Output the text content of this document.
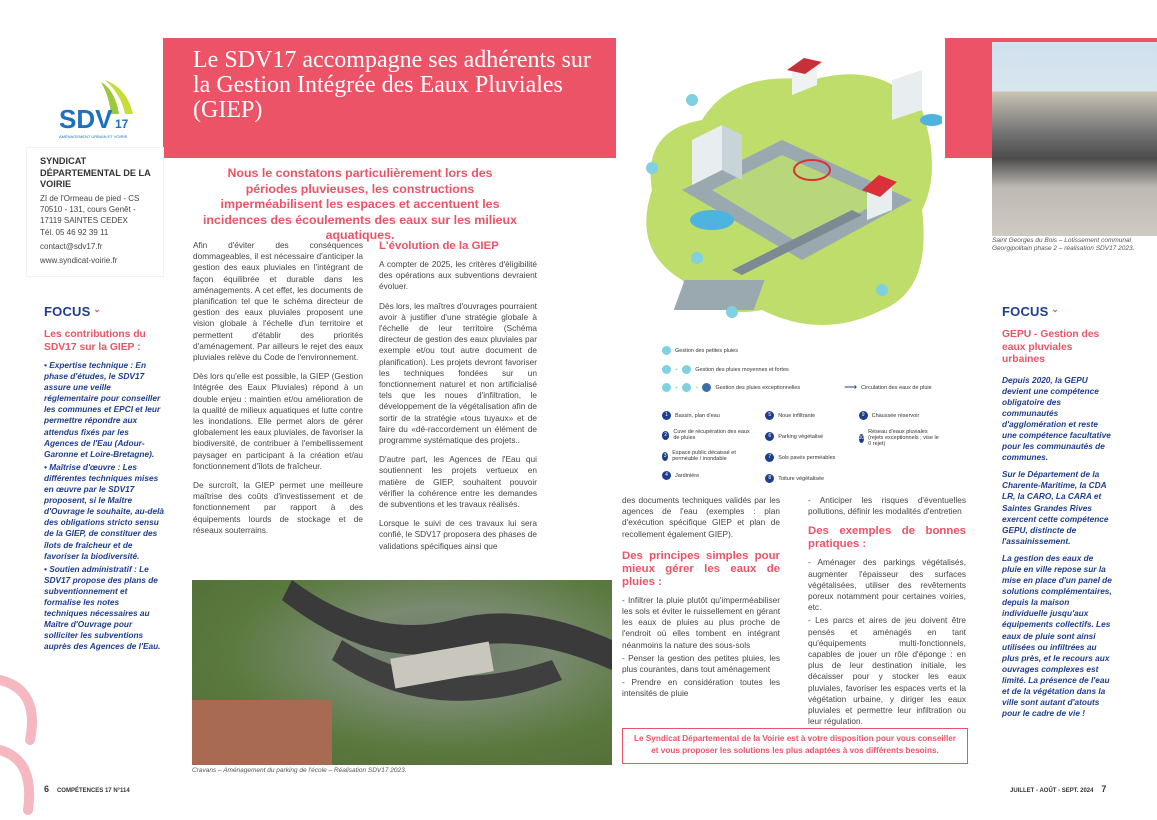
SDV 17
AMÉNAGEMENT URBAIN ET VOIRIE
SYNDICAT DÉPARTEMENTAL DE LA VOIRIE
ZI de l'Ormeau de pied - CS 70510 - 131, cours Genêt - 17119 SAINTES CEDEX
Tél. 05 46 92 39 11
contact@sdv17.fr
www.syndicat-voirie.fr
Le SDV17 accompagne ses adhérents sur la Gestion Intégrée des Eaux Pluviales (GIEP)
Nous le constatons particulièrement lors des périodes pluvieuses, les constructions imperméabilisent les espaces et accentuent les incidences des écoulements des eaux sur les milieux aquatiques.
FOCUS ⌄
Les contributions du SDV17 sur la GIEP :
• Expertise technique : En phase d'études, le SDV17 assure une veille réglementaire pour conseiller les communes et EPCI et leur permettre répondre aux attendus fixés par les Agences de l'Eau (Adour-Garonne et Loire-Bretagne).
• Maîtrise d'œuvre : Les différentes techniques mises en œuvre par le SDV17 proposent, si le Maître d'Ouvrage le souhaite, au-delà des obligations stricto sensu de la GIEP, de constituer des îlots de fraîcheur et de favoriser la biodiversité.
• Soutien administratif : Le SDV17 propose des plans de subventionnement et formalise les notes techniques nécessaires au Maître d'Ouvrage pour solliciter les subventions auprès des Agences de l'Eau.
Afin d'éviter des conséquences dommageables, il est nécessaire d'anticiper la gestion des eaux pluviales en l'intégrant de façon équilibrée et durable dans les aménagements. A cet effet, les documents de planification tel que le schéma directeur de gestion des eaux pluviales proposent une vision globale à l'échelle d'un territoire et permettent d'établir des priorités d'aménagement. Par ailleurs le rejet des eaux pluviales relève du Code de l'environnement.
Dès lors qu'elle est possible, la GIEP (Gestion Intégrée des Eaux Pluviales) répond à un double enjeu : maintien et/ou amélioration de la qualité de milieux aquatiques et lutte contre les inondations. Elle permet alors de gérer globalement les eaux pluviales, de favoriser la biodiversité, de contribuer à l'embellissement paysager en participant à la création et/au fonctionnement d'îlots de fraîcheur.
De surcroît, la GIEP permet une meilleure maîtrise des coûts d'investissement et de fonctionnement par rapport à des équipements lourds de stockage et de réseaux souterrains.
L'évolution de la GIEP
A compter de 2025, les critères d'éligibilité des opérations aux subventions devraient évoluer.
Dès lors, les maîtres d'ouvrages pourraient avoir à justifier d'une stratégie globale à l'échelle de leur territoire (Schéma directeur de gestion des eaux pluviales par exemple et/ou tout autre document de planification). Les projets devront favoriser les techniques fondées sur un fonctionnement naturel et non artificialisé tels que les noues d'infiltration, le développement de la végétalisation afin de sortir de la stratégie «tous tuyaux» et de faire du «dé-raccordement un élément de programme systématique des projets..
D'autre part, les Agences de l'Eau qui soutiennent les projets vertueux en matière de GIEP, souhaitent pouvoir vérifier la cohérence entre les demandes de subventions et les travaux réalisés.
Lorsque le suivi de ces travaux lui sera confié, le SDV17 proposera des phases de validations spécifiques ainsi que
Gestion des petites pluies
+	Gestion des pluies moyennes et fortes
+	+	Gestion des pluies exceptionnelles	⟶ Circulation des eaux de pluie
1	Bassin, plan d'eau
2	Cuve de récupération des eaux de pluies
3	Espace public décaissé et perméable / inondable
4	Jardinière
5	Noue infiltrante
6	Parking végétalisé
7	Sols pavés perméables
8	Toiture végétalisée
9	Chaussée réservoir
10
Réseau d'eaux pluviales (rejets exceptionnels ; vise le 0 rejet)
Saint Georges du Bois – Lotissement communal Georgipolitain phase 2 – réalisation SDV17 2023.
Cravans – Aménagement du parking de l'école – Réalisation SDV17 2023.
des documents techniques validés par les agences de l'eau (exemples : plan d'exécution spécifique GIEP et plan de recollement également GIEP).
Des principes simples pour mieux gérer les eaux de pluies :
- Infiltrer la pluie plutôt qu'imperméabiliser les sols et éviter le ruissellement en gérant les eaux de pluies au plus proche de l'endroit où elles tombent en intégrant néanmoins la nature des sous-sols
- Penser la gestion des petites pluies, les plus courantes, dans tout aménagement
- Prendre en considération toutes les intensités de pluie
- Anticiper les risques d'éventuelles pollutions, définir les modalités d'entretien
Des exemples de bonnes pratiques :
- Aménager des parkings végétalisés, augmenter l'épaisseur des surfaces végétalisées, utiliser des revêtements poreux notamment pour certaines voiries, etc.
- Les parcs et aires de jeu doivent être pensés et aménagés en tant qu'équipements multi-fonctionnels, capables de jouer un rôle d'éponge : en plus de leur destination initiale, les décaisser pour y stocker les eaux pluviales, favoriser les espaces verts et la végétation urbaine, y diriger les eaux pluviales et permettre leur infiltration ou leur régulation.
Le Syndicat Départemental de la Voirie est à votre disposition pour vous conseiller et vous proposer les solutions les plus adaptées à vos différents besoins.
FOCUS ⌄
GEPU - Gestion des eaux pluviales urbaines
Depuis 2020, la GEPU devient une compétence obligatoire des communautés d'agglomération et reste une compétence facultative pour les communautés de communes.
Sur le Département de la Charente-Maritime, la CDA LR, la CARO, La CARA et Saintes Grandes Rives exercent cette compétence GEPU, distincte de l'assainissement.
La gestion des eaux de pluie en ville repose sur la mise en place d'un panel de solutions complémentaires, depuis la maison individuelle jusqu'aux équipements collectifs. Les eaux de pluie sont ainsi utilisées ou infiltrées au plus près, et le recours aux ouvrages complexes est limité. La présence de l'eau et de la végétation dans la ville sont autant d'atouts pour le cadre de vie !
6 COMPÉTENCES 17 N°114	JUILLET - AOÛT - SEPT. 2024 7
